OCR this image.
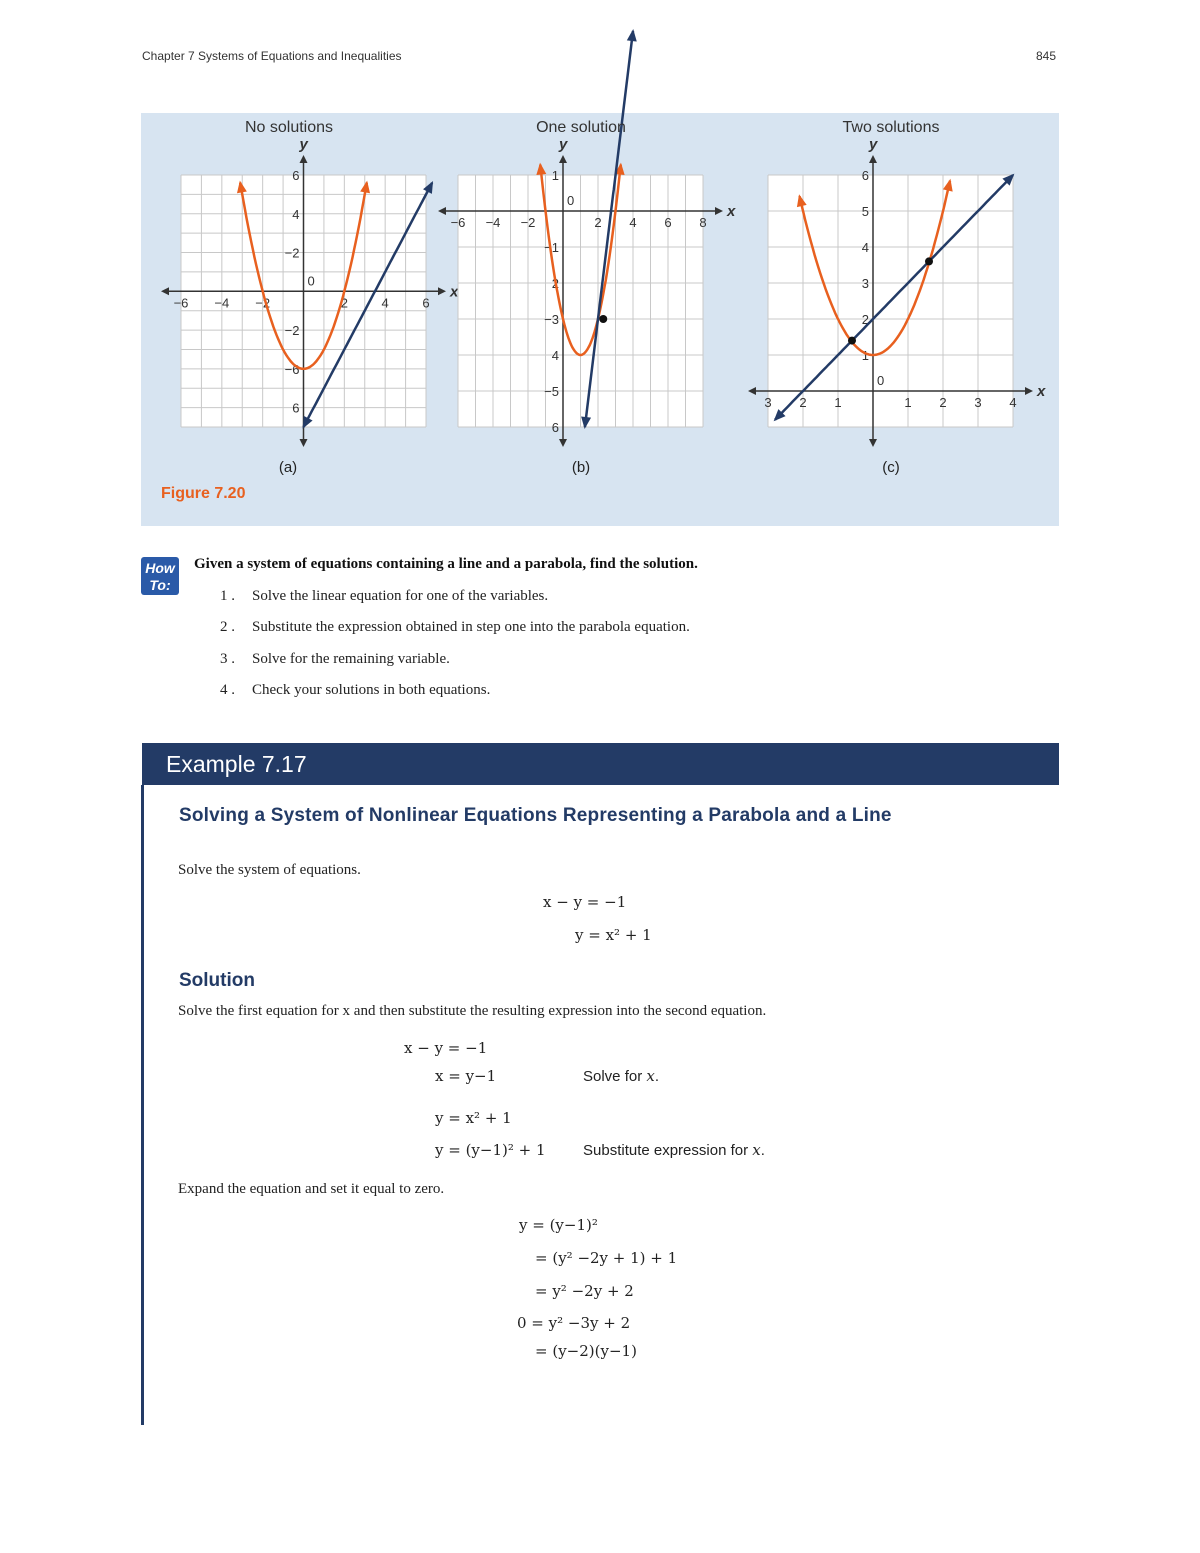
Chapter 7 Systems of Equations and Inequalities	845
No solutions
x
y
−6 −4 −2	2	4	6
6
4
−2
−2
−6
6
0
(a)
One solution
x
y
−6 −4 −2	2 4 6 8
1
−1
2
−3
4
−5
6
0
(b)
Two solutions
x
y
3 2 1	1 2 3 4
6
5
4
3
2
1
0
(c)
Figure 7.20
How
To:
Given a system of equations containing a line and a parabola, find the solution.
1 . Solve the linear equation for one of the variables.
2 . Substitute the expression obtained in step one into the parabola equation.
3 . Solve for the remaining variable.
4 . Check your solutions in both equations.
Example 7.17
Solving a System of Nonlinear Equations Representing a Parabola and a Line
Solve the system of equations.
x − y = −1
y = x² + 1
Solution
Solve the first equation for x and then substitute the resulting expression into the second equation.
x − y = −1
x = y−1	Solve for x.
y = x² + 1
y = (y−1)² + 1 Substitute expression for x.
Expand the equation and set it equal to zero.
y = (y−1)²
= (y² −2y + 1) + 1
= y² −2y + 2
0 = y² −3y + 2
= (y−2)(y−1)
